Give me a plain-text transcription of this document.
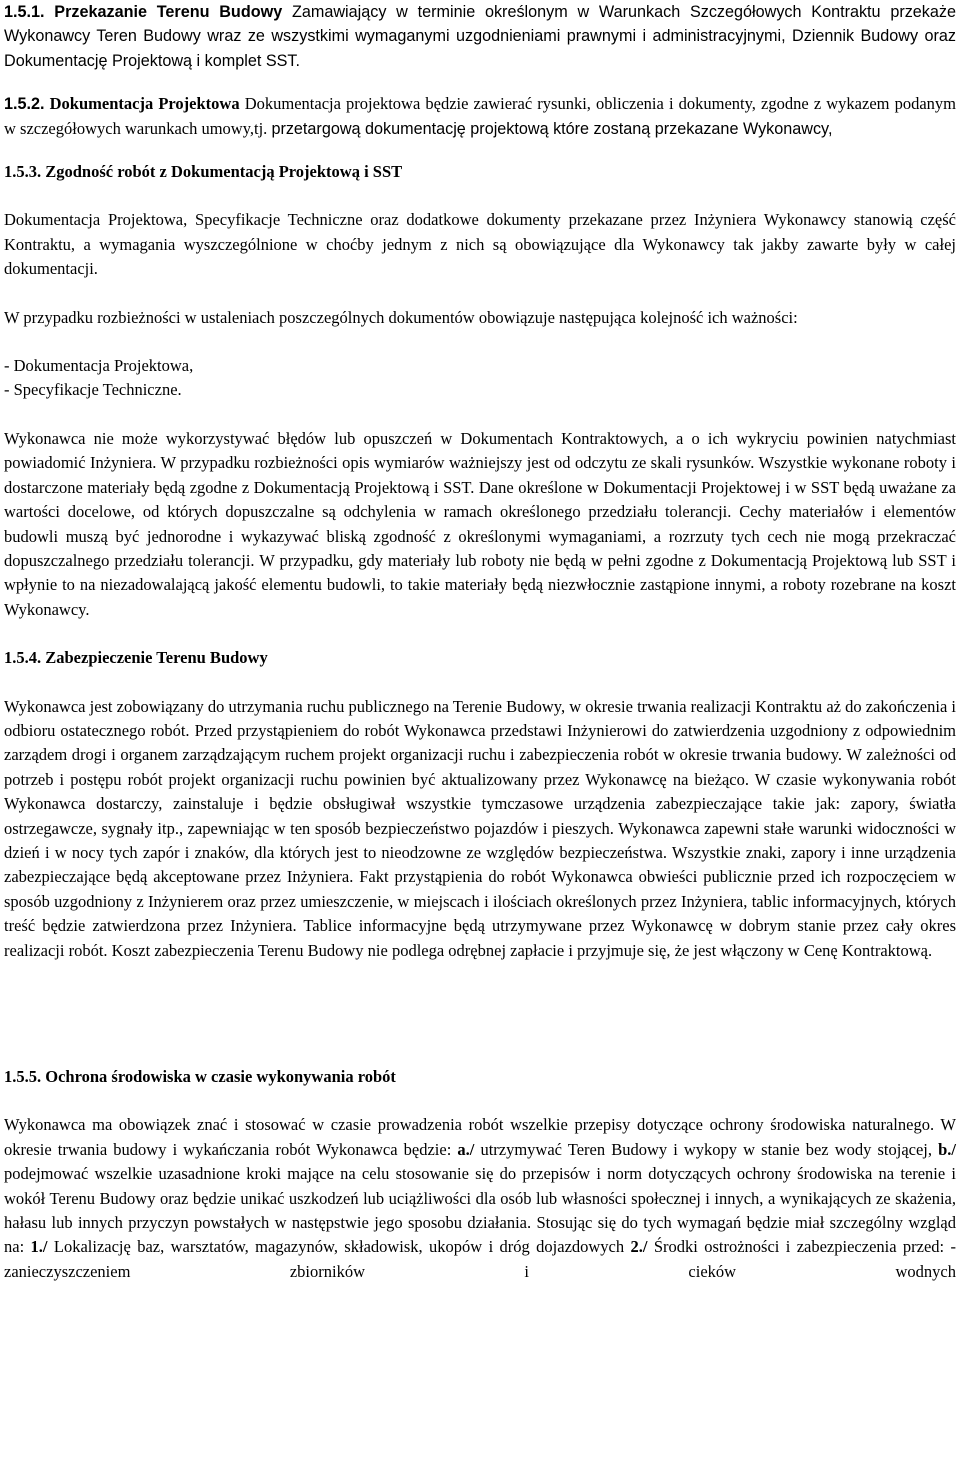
1.5.1. Przekazanie Terenu Budowy Zamawiający w terminie określonym w Warunkach Szczegółowych Kontraktu przekaże Wykonawcy Teren Budowy wraz ze wszystkimi wymaganymi uzgodnieniami prawnymi i administracyjnymi, Dziennik Budowy oraz Dokumentację Projektową i komplet SST.

1.5.2. Dokumentacja Projektowa Dokumentacja projektowa będzie zawierać rysunki, obliczenia i dokumenty, zgodne z wykazem podanym w szczegółowych warunkach umowy,tj. przetargową dokumentację projektową które zostaną przekazane Wykonawcy,

1.5.3. Zgodność robót z Dokumentacją Projektową i SST

Dokumentacja Projektowa, Specyfikacje Techniczne oraz dodatkowe dokumenty przekazane przez Inżyniera Wykonawcy stanowią część Kontraktu, a wymagania wyszczególnione w choćby jednym z nich są obowiązujące dla Wykonawcy tak jakby zawarte były w całej dokumentacji.

W przypadku rozbieżności w ustaleniach poszczególnych dokumentów obowiązuje następująca kolejność ich ważności:

- Dokumentacja Projektowa,

- Specyfikacje Techniczne.

Wykonawca nie może wykorzystywać błędów lub opuszczeń w Dokumentach Kontraktowych, a o ich wykryciu powinien natychmiast powiadomić Inżyniera. W przypadku rozbieżności opis wymiarów ważniejszy jest od odczytu ze skali rysunków. Wszystkie wykonane roboty i dostarczone materiały będą zgodne z Dokumentacją Projektową i SST. Dane określone w Dokumentacji Projektowej i w SST będą uważane za wartości docelowe, od których dopuszczalne są odchylenia w ramach określonego przedziału tolerancji. Cechy materiałów i elementów budowli muszą być jednorodne i wykazywać bliską zgodność z określonymi wymaganiami, a rozrzuty tych cech nie mogą przekraczać dopuszczalnego przedziału tolerancji. W przypadku, gdy materiały lub roboty nie będą w pełni zgodne z Dokumentacją Projektową lub SST i wpłynie to na niezadowalającą jakość elementu budowli, to takie materiały będą niezwłocznie zastąpione innymi, a roboty rozebrane na koszt Wykonawcy.

1.5.4. Zabezpieczenie Terenu Budowy

Wykonawca jest zobowiązany do utrzymania ruchu publicznego na Terenie Budowy, w okresie trwania realizacji Kontraktu aż do zakończenia i odbioru ostatecznego robót. Przed przystąpieniem do robót Wykonawca przedstawi Inżynierowi do zatwierdzenia uzgodniony z odpowiednim zarządem drogi i organem zarządzającym ruchem projekt organizacji ruchu i zabezpieczenia robót w okresie trwania budowy. W zależności od potrzeb i postępu robót projekt organizacji ruchu powinien być aktualizowany przez Wykonawcę na bieżąco. W czasie wykonywania robót Wykonawca dostarczy, zainstaluje i będzie obsługiwał wszystkie tymczasowe urządzenia zabezpieczające takie jak: zapory, światła ostrzegawcze, sygnały itp., zapewniając w ten sposób bezpieczeństwo pojazdów i pieszych. Wykonawca zapewni stałe warunki widoczności w dzień i w nocy tych zapór i znaków, dla których jest to nieodzowne ze względów bezpieczeństwa. Wszystkie znaki, zapory i inne urządzenia zabezpieczające będą akceptowane przez Inżyniera. Fakt przystąpienia do robót Wykonawca obwieści publicznie przed ich rozpoczęciem w sposób uzgodniony z Inżynierem oraz przez umieszczenie, w miejscach i ilościach określonych przez Inżyniera, tablic informacyjnych, których treść będzie zatwierdzona przez Inżyniera. Tablice informacyjne będą utrzymywane przez Wykonawcę w dobrym stanie przez cały okres realizacji robót. Koszt zabezpieczenia Terenu Budowy nie podlega odrębnej zapłacie i przyjmuje się, że jest włączony w Cenę Kontraktową.

1.5.5. Ochrona środowiska w czasie wykonywania robót

Wykonawca ma obowiązek znać i stosować w czasie prowadzenia robót wszelkie przepisy dotyczące ochrony środowiska naturalnego. W okresie trwania budowy i wykańczania robót Wykonawca będzie: a./ utrzymywać Teren Budowy i wykopy w stanie bez wody stojącej, b./ podejmować wszelkie uzasadnione kroki mające na celu stosowanie się do przepisów i norm dotyczących ochrony środowiska na terenie i wokół Terenu Budowy oraz będzie unikać uszkodzeń lub uciążliwości dla osób lub własności społecznej i innych, a wynikających ze skażenia, hałasu lub innych przyczyn powstałych w następstwie jego sposobu działania. Stosując się do tych wymagań będzie miał szczególny wzgląd na: 1./ Lokalizację baz, warsztatów, magazynów, składowisk, ukopów i dróg dojazdowych 2./ Środki ostrożności i zabezpieczenia przed: - zanieczyszczeniem zbiorników i cieków wodnych
